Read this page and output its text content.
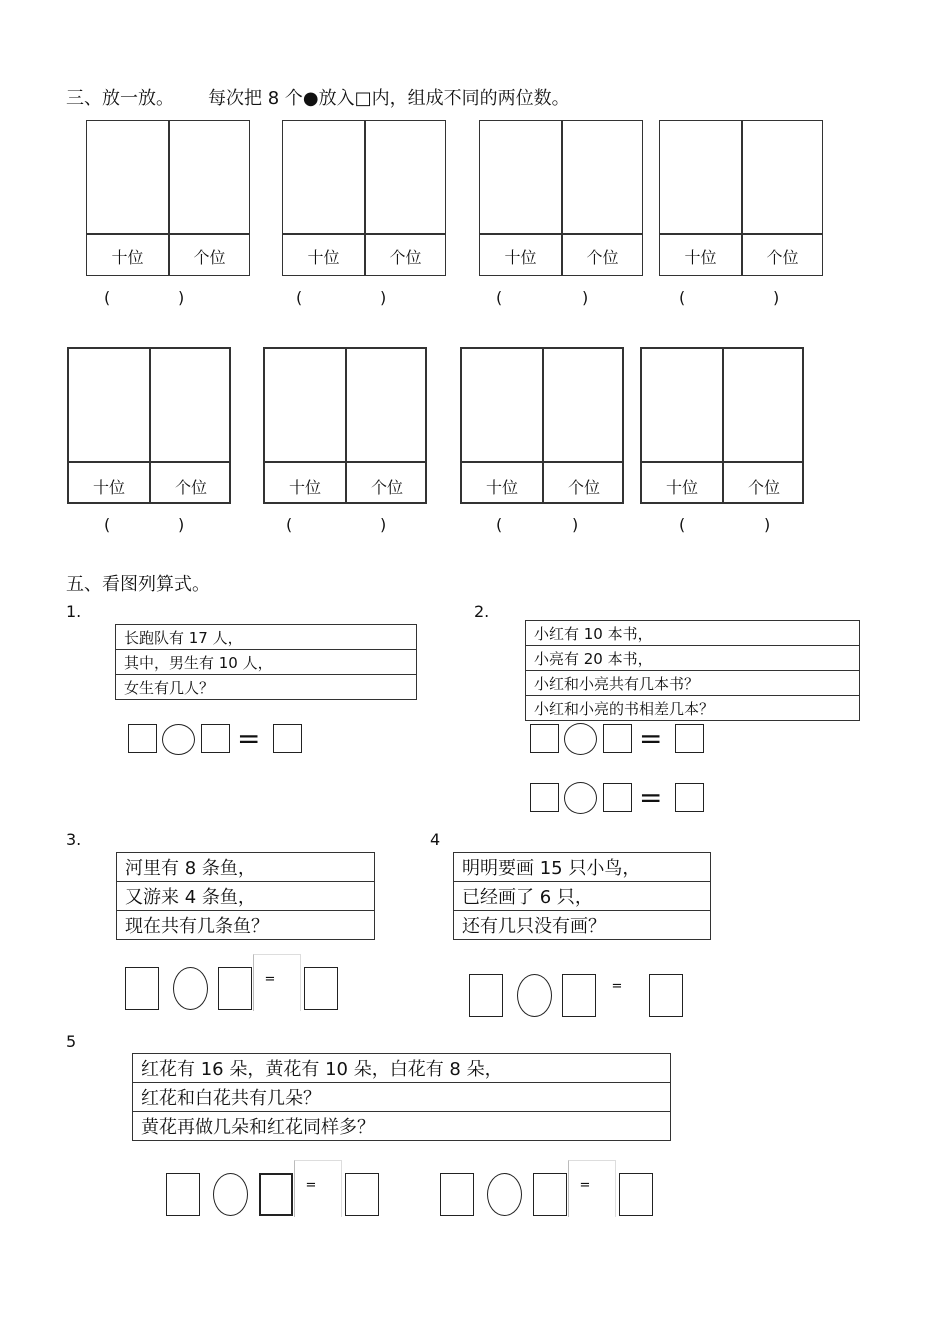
三、放一放。 每次把 8 个●放入□内，组成不同的两位数。
十位	个位	十位	个位	十位	个位	十位	个位
(	)	(	)	(	)	(	)
十位	个位	十位	个位	十位	个位	十位	个位
(	)	(	)	(	)	(	)
五、看图列算式。
1.
长跑队有 17 人，
其中，男生有 10 人，
女生有几人？
=
2.
小红有 10 本书，
小亮有 20 本书，
小红和小亮共有几本书？
小红和小亮的书相差几本？
=
=
3.
河里有 8 条鱼，
又游来 4 条鱼，
现在共有几条鱼？
=
4
明明要画 15 只小鸟，
已经画了 6 只，
还有几只没有画？
=
5
红花有 16 朵，黄花有 10 朵，白花有 8 朵，
红花和白花共有几朵？
黄花再做几朵和红花同样多？
=	=
